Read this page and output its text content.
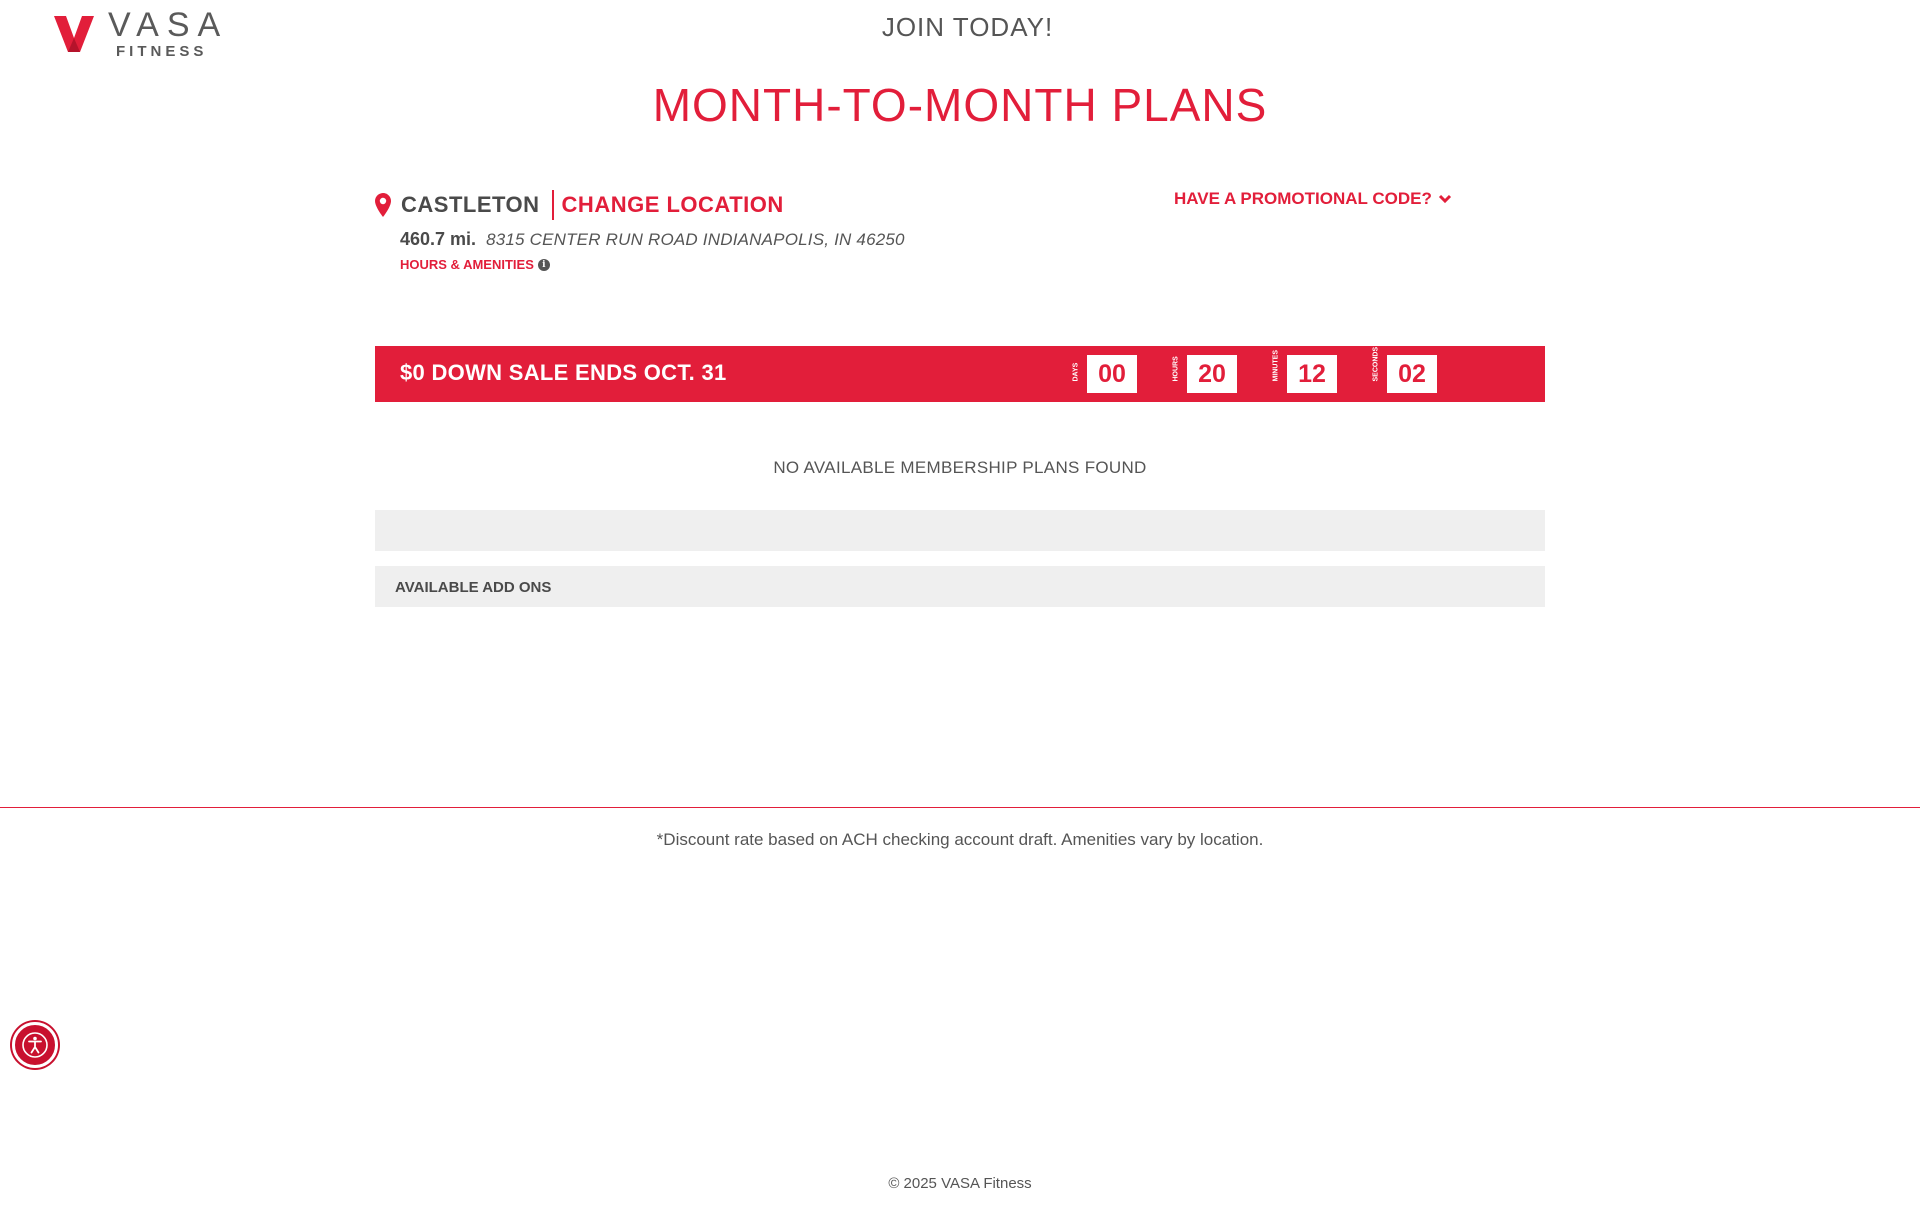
VASA
FITNESS
JOIN TODAY!
MONTH-TO-MONTH PLANS
CASTLETON CHANGE LOCATION	HAVE A PROMOTIONAL CODE?
460.7 mi. 8315 CENTER RUN ROAD INDIANAPOLIS, IN 46250
HOURS & AMENITIES i
$0 DOWN SALE ENDS OCT. 31	DAYS 00	HOURS 20	MINUTES 12	SECONDS 02
NO AVAILABLE MEMBERSHIP PLANS FOUND
AVAILABLE ADD ONS
*Discount rate based on ACH checking account draft. Amenities vary by location.
© 2025 VASA Fitness
